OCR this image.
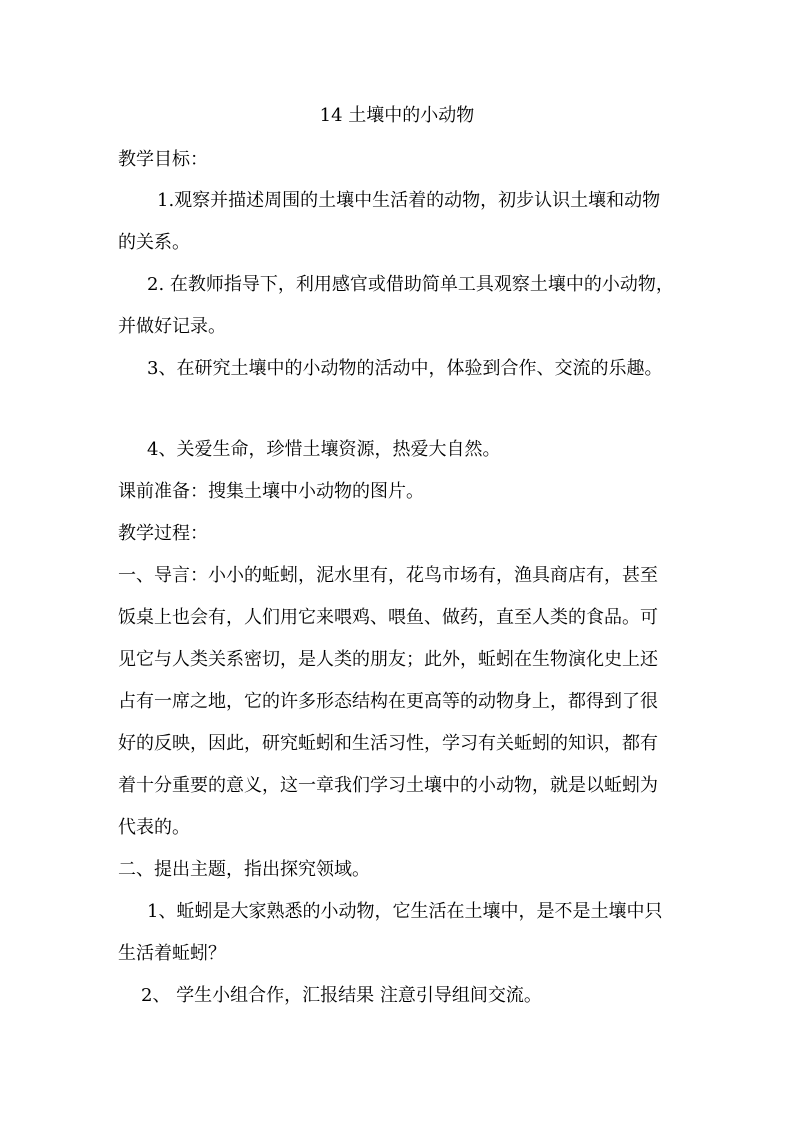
14 土壤中的小动物
教学目标：
1.观察并描述周围的土壤中生活着的动物，初步认识土壤和动物
的关系。
2. 在教师指导下，利用感官或借助简单工具观察土壤中的小动物，
并做好记录。
3、在研究土壤中的小动物的活动中，体验到合作、交流的乐趣。
4、关爱生命，珍惜土壤资源，热爱大自然。
课前准备：搜集土壤中小动物的图片。
教学过程：
一、导言：小小的蚯蚓，泥水里有，花鸟市场有，渔具商店有，甚至
饭桌上也会有，人们用它来喂鸡、喂鱼、做药，直至人类的食品。可
见它与人类关系密切，是人类的朋友；此外，蚯蚓在生物演化史上还
占有一席之地，它的许多形态结构在更高等的动物身上，都得到了很
好的反映，因此，研究蚯蚓和生活习性，学习有关蚯蚓的知识，都有
着十分重要的意义，这一章我们学习土壤中的小动物，就是以蚯蚓为
代表的。
二、提出主题，指出探究领域。
1、蚯蚓是大家熟悉的小动物，它生活在土壤中，是不是土壤中只
生活着蚯蚓？
2、 学生小组合作，汇报结果 注意引导组间交流。
